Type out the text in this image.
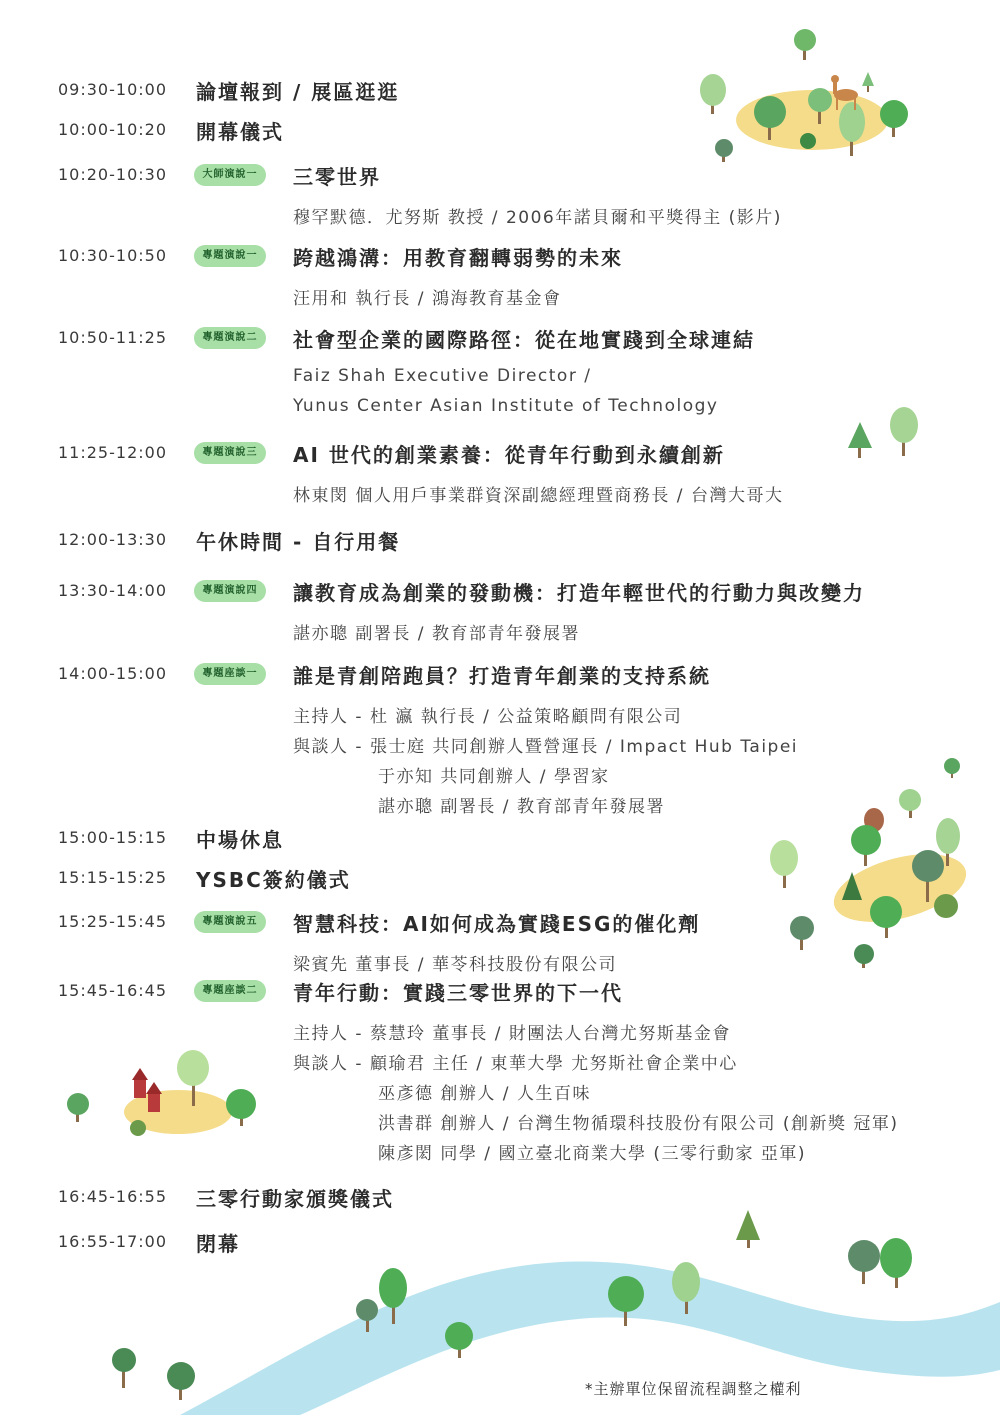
09:30-10:00	論壇報到 / 展區逛逛
10:00-10:20	開幕儀式
10:20-10:30	大師演說一	三零世界
穆罕默德．尤努斯 教授 / 2006年諾貝爾和平獎得主 (影片)
10:30-10:50	專題演說一	跨越鴻溝：用教育翻轉弱勢的未來
汪用和 執行長 / 鴻海教育基金會
10:50-11:25	專題演說二	社會型企業的國際路徑：從在地實踐到全球連結
Faiz Shah Executive Director /
Yunus Center Asian Institute of Technology
11:25-12:00	專題演說三	AI 世代的創業素養：從青年行動到永續創新
林東閔 個人用戶事業群資深副總經理暨商務長 / 台灣大哥大
12:00-13:30	午休時間 - 自行用餐
13:30-14:00	專題演說四	讓教育成為創業的發動機：打造年輕世代的行動力與改變力
諶亦聰 副署長 / 教育部青年發展署
14:00-15:00	專題座談一	誰是青創陪跑員？打造青年創業的支持系統
主持人 - 杜 瀛 執行長 / 公益策略顧問有限公司
與談人 - 張士庭 共同創辦人暨營運長 / Impact Hub Taipei
于亦知 共同創辦人 / 學習家
諶亦聰 副署長 / 教育部青年發展署
15:00-15:15	中場休息
15:15-15:25	YSBC簽約儀式
15:25-15:45	專題演說五	智慧科技：AI如何成為實踐ESG的催化劑
梁賓先 董事長 / 華苓科技股份有限公司
15:45-16:45	專題座談二	青年行動：實踐三零世界的下一代
主持人 - 蔡慧玲 董事長 / 財團法人台灣尤努斯基金會
與談人 - 顧瑜君 主任 / 東華大學 尤努斯社會企業中心
巫彥德 創辦人 / 人生百味
洪書群 創辦人 / 台灣生物循環科技股份有限公司 (創新獎 冠軍)
陳彥閎 同學 / 國立臺北商業大學 (三零行動家 亞軍)
16:45-16:55	三零行動家頒獎儀式
16:55-17:00	閉幕
*主辦單位保留流程調整之權利
